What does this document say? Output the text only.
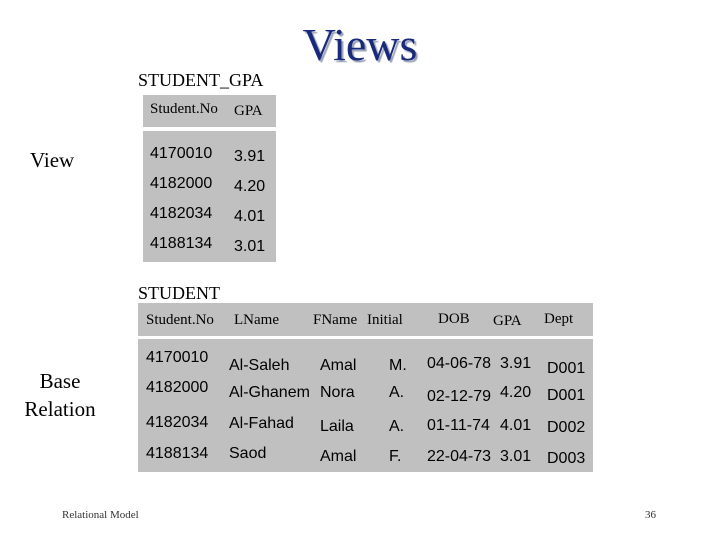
Views
STUDENT_GPA
View
Student.No GPA
4170010 3.91
4182000 4.20
4182034 4.01
4188134 3.01
STUDENT
Base
Relation
Student.No LName FName Initial DOB GPA Dept
4170010 Al-Saleh Amal M. 04-06-78 3.91 D001
4182000 Al-Ghanem Nora A. 02-12-79 4.20 D001
4182034 Al-Fahad Laila A. 01-11-74 4.01 D002
4188134 Saod	Amal F. 22-04-73 3.01 D003
Relational Model	36
